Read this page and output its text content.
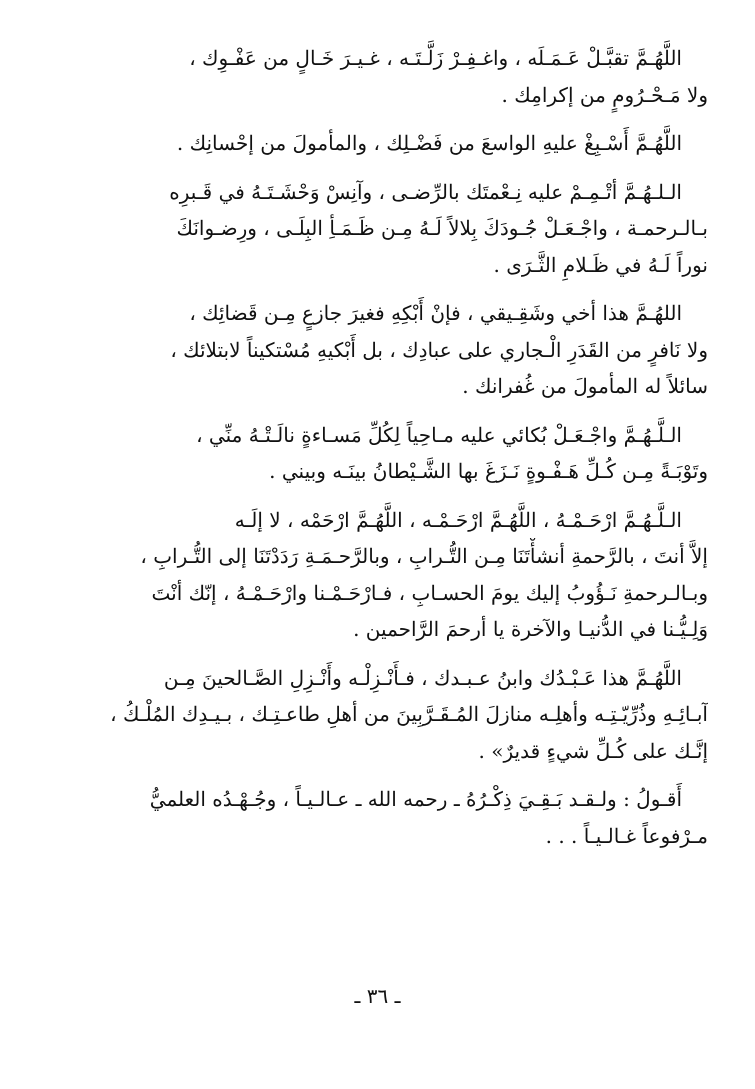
اللَّهُـمَّ تقبَّـلْ عَـمَـلَه ، واغـفِـرْ زَلَّـتَـه ، غـيـرَ خَـالٍ من عَفْـوِك ،
ولا مَـحْـرُومٍ من إكرامِك .
اللَّهُـمَّ أَسْـبِغْ عليهِ الواسعَ من فَضْـلِك ، والمأمولَ من إحْسانِك .
الـلـهُـمَّ أتْـمِـمْ عليه نِـعْمتَك بالرِّضـى ، وآنِسْ وَحْشَـتَـهُ في قَـبرِه
بـالـرحمـة ، واجْـعَـلْ جُـودَكَ بِلالاً لَـهُ مِـن ظَـمَـأِ البِلَـى ، ورِضـوانَكَ
نوراً لَـهُ في ظَـلامِ الثَّـرَى .
اللهُـمَّ هذا أخي وشَقِـيقي ، فإنْ أَبْكِهِ فغيرَ جازعٍ مِـن قَضائِك ،
ولا نَافرٍ من القَدَرِ الْـجاري على عبادِك ، بل أَبْكيهِ مُسْتكيناً لابتلائك ،
سائلاً له المأمولَ من غُفرانك .
الـلَّـهُـمَّ واجْـعَـلْ بُكائي عليه مـاحِياً لِكُلِّ مَسـاءةٍ نالَـتْـهُ منِّي ،
وتَوْبَـةً مِـن كُـلِّ هَـفْـوةٍ نَـزَغَ بها الشَّـيْطانُ بينَـه وبيني .
الـلَّـهُـمَّ ارْحَـمْـهُ ، اللَّهُـمَّ ارْحَـمْـه ، اللَّهُـمَّ ارْحَمْه ، لا إلَـه
إلاَّ أنتَ ، بالرَّحمةِ أنشأْتَنَا مِـن التُّـرابِ ، وبالرَّحـمَـةِ رَدَدْتَنَا إلى التُّـرابِ ،
وبـالـرحمةِ نَـؤُوبُ إليك يومَ الحسـابِ ، فـارْحَـمْـنا وارْحَـمْـهُ ، إنّك أنْتَ
وَلِـيُّـنا في الدُّنيـا والآخرة يا أرحمَ الرَّاحمين .
اللَّهُـمَّ هذا عَـبْـدُك وابنُ عـبـدك ، فـأَنْـزِلْـه وأَنْـزِلِ الصَّـالحينَ مِـن
آبـائِـهِ وذُرِّيّـتِـه وأهلِـه منازلَ المُـقَـرَّبِينَ من أهلِ طاعـتِـك ، بـيـدِك المُلْـكُ ،
إنَّـك على كُـلِّ شيءٍ قديرٌ» .
أَقـولُ : ولـقـد بَـقِـيَ ذِكْـرُهُ ـ رحمه الله ـ عـالـيـاً ، وجُـهْـدُه العلميُّ
مـرْفوعاً غـالـيـاً . . .
ـ ٣٦ ـ
